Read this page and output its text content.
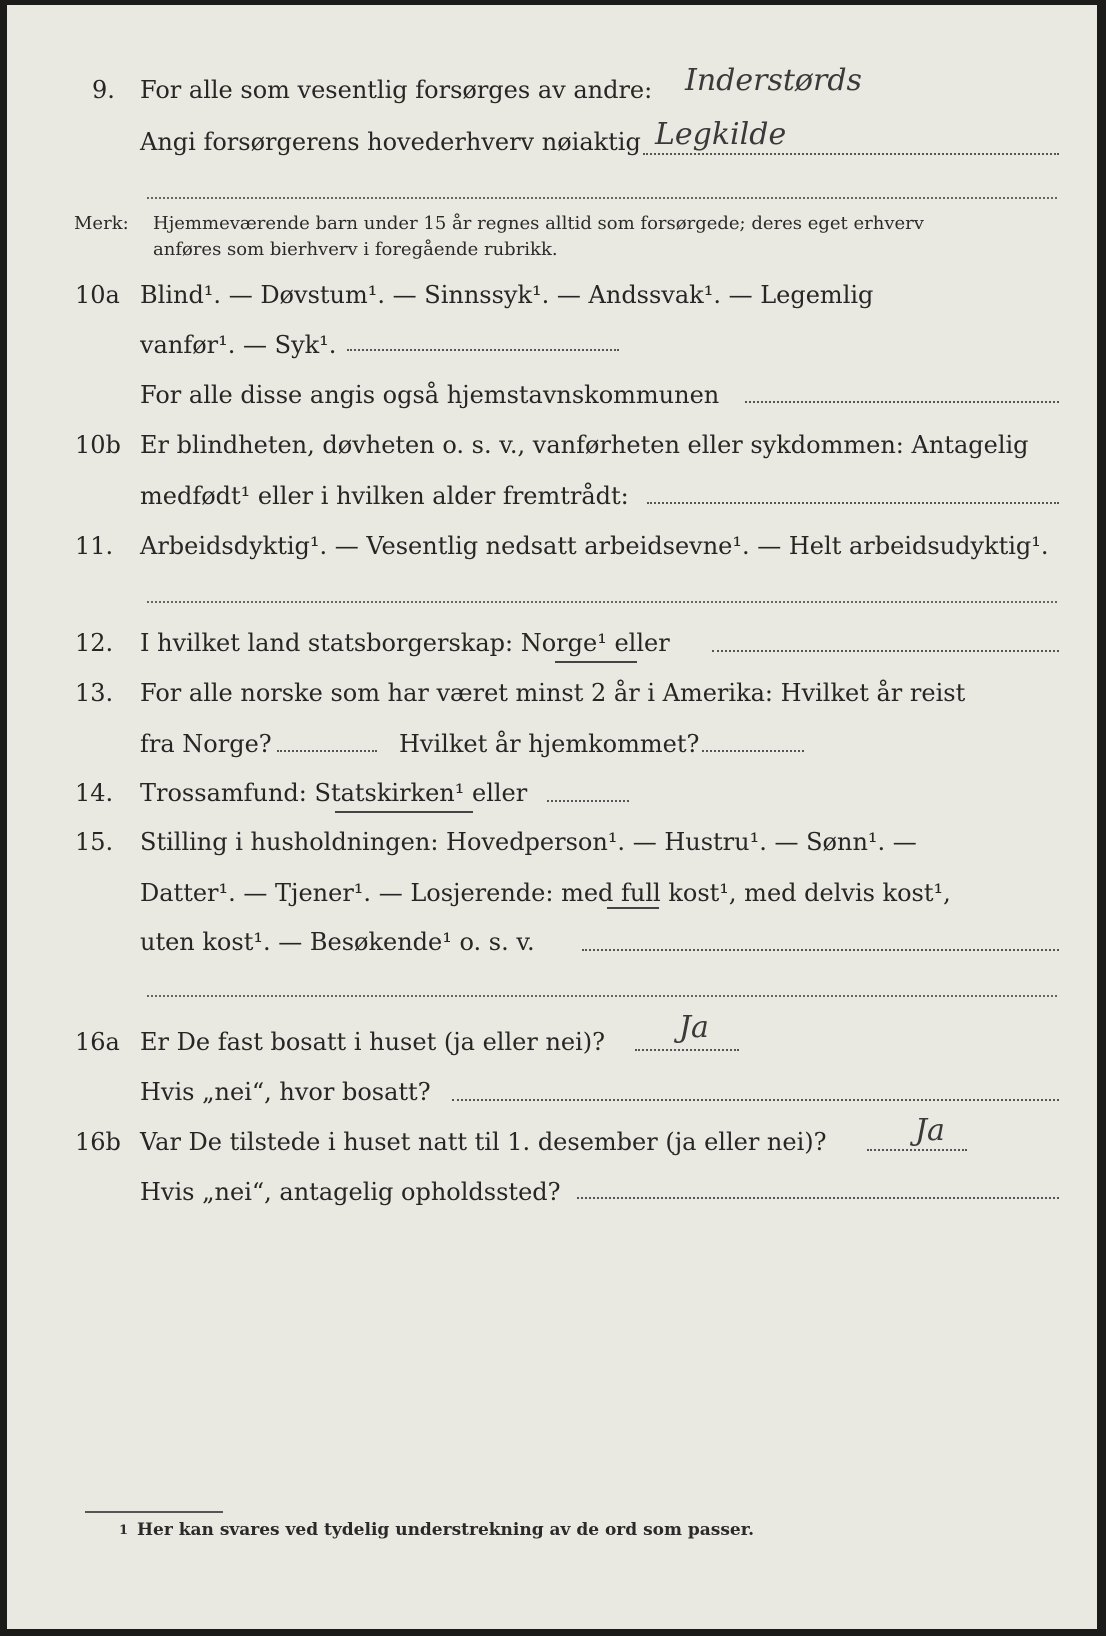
9. For alle som vesentlig forsørges av andre: Inderstørds
Angi forsørgerens hovederhverv nøiaktig Legkilde
Merk: Hjemmeværende barn under 15 år regnes alltid som forsørgede; deres eget erhverv
anføres som bierhverv i foregående rubrikk.
10a Blind¹. — Døvstum¹. — Sinnssyk¹. — Andssvak¹. — Legemlig
vanfør¹. — Syk¹.
For alle disse angis også hjemstavnskommunen
10b Er blindheten, døvheten o. s. v., vanførheten eller sykdommen: Antagelig
medfødt¹ eller i hvilken alder fremtrådt:
11. Arbeidsdyktig¹. — Vesentlig nedsatt arbeidsevne¹. — Helt arbeidsudyktig¹.
12. I hvilket land statsborgerskap: Norge¹ eller
13. For alle norske som har været minst 2 år i Amerika: Hvilket år reist
fra Norge?	Hvilket år hjemkommet?
14. Trossamfund: Statskirken¹ eller
15. Stilling i husholdningen: Hovedperson¹. — Hustru¹. — Sønn¹. —
Datter¹. — Tjener¹. — Losjerende: med full kost¹, med delvis kost¹,
uten kost¹. — Besøkende¹ o. s. v.
16a Er De fast bosatt i huset (ja eller nei)? Ja
Hvis „nei“, hvor bosatt?
16b Var De tilstede i huset natt til 1. desember (ja eller nei)?	Ja
Hvis „nei“, antagelig opholdssted?
1 Her kan svares ved tydelig understrekning av de ord som passer.
